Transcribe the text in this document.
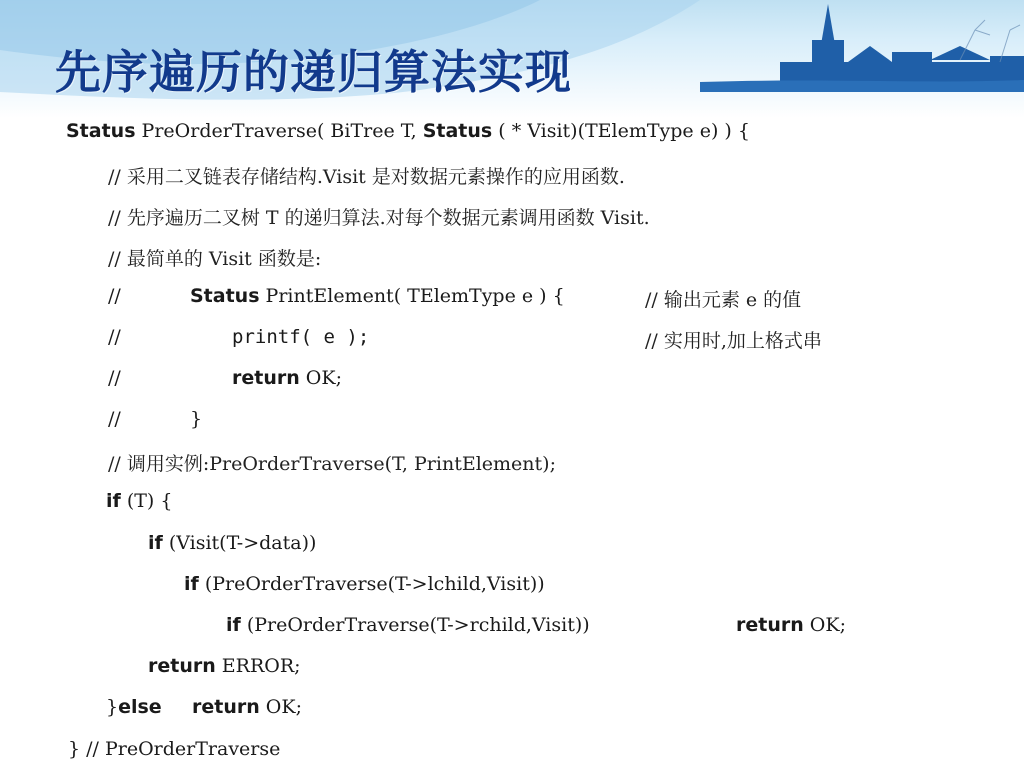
先序遍历的递归算法实现
Status PreOrderTraverse( BiTree T, Status ( * Visit)(TElemType e) ) {
// 采用二叉链表存储结构.Visit 是对数据元素操作的应用函数.
// 先序遍历二叉树 T 的递归算法.对每个数据元素调用函数 Visit.
// 最简单的 Visit 函数是:
//	Status PrintElement( TElemType e ) {	// 输出元素 e 的值
//	printf( e );	// 实用时,加上格式串
//	return OK;
//	}
// 调用实例:PreOrderTraverse(T, PrintElement);
if (T) {
if (Visit(T->data))
if (PreOrderTraverse(T->lchild,Visit))
if (PreOrderTraverse(T->rchild,Visit))	return OK;
return ERROR;
}else return OK;
} // PreOrderTraverse
